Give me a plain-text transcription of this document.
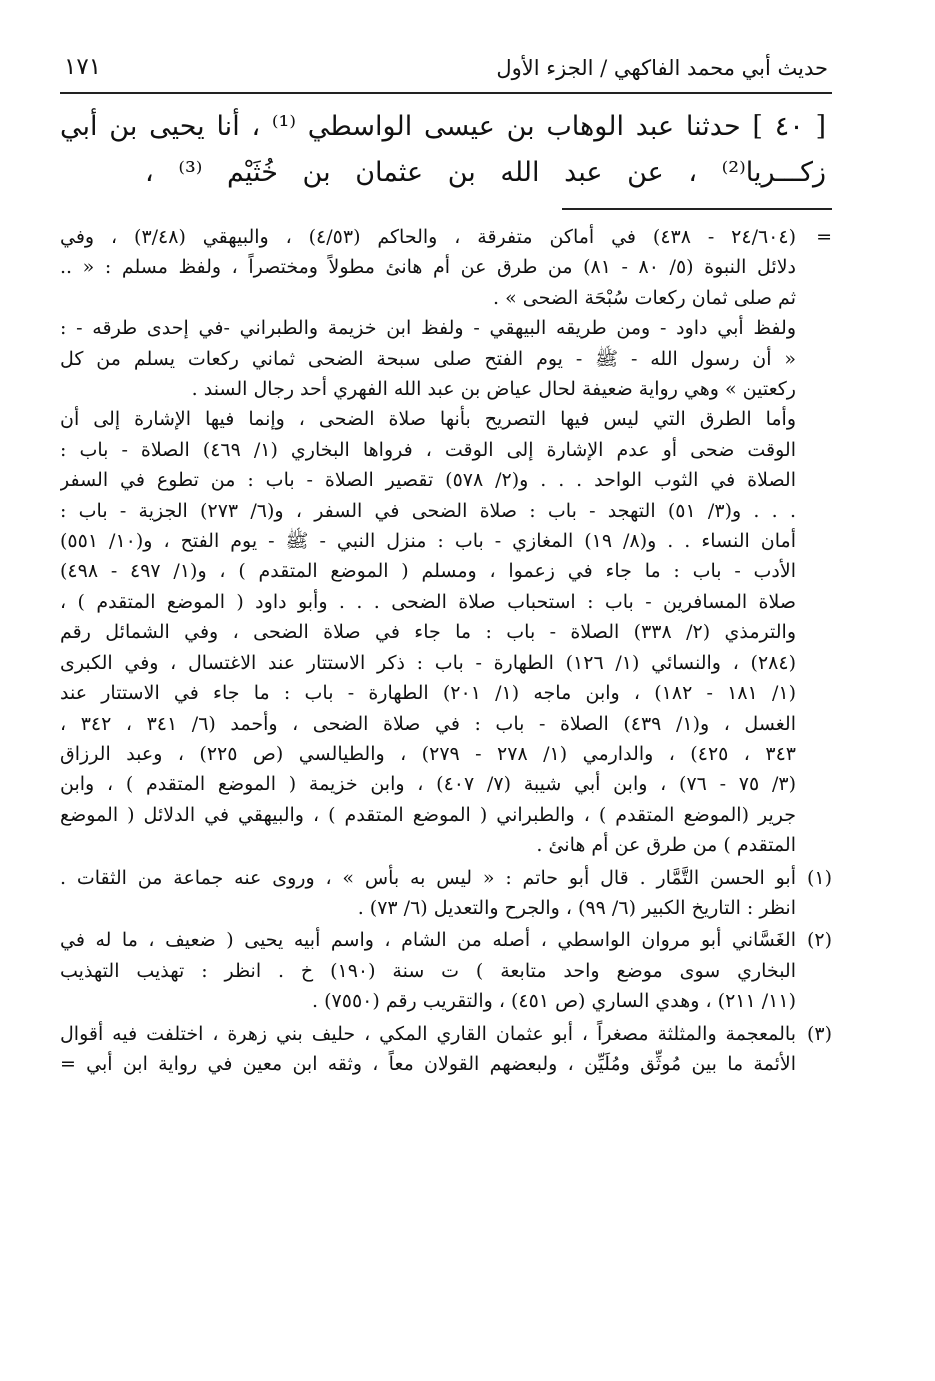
حديث أبي محمد الفاكهي / الجزء الأول
١٧١
[ ٤٠ ] حدثنا عبد الوهاب بن عيسى الواسطي ⁽¹⁾ ، أنا يحيى بن أبي
زكـــريا⁽²⁾ ، عن عبد الله بن عثمان بن خُثَيْم ⁽³⁾ ،
=
(٢٤/٦٠٤ - ٤٣٨) في أماكن متفرقة ، والحاكم (٤/٥٣) ، والبيهقي (٣/٤٨) ، وفي
دلائل النبوة (٥/ ٨٠ - ٨١) من طرق عن أم هانئ مطولاً ومختصراً ، ولفظ مسلم : « ..
ثم صلى ثمان ركعات سُبْحَة الضحى » .
ولفظ أبي داود - ومن طريقه البيهقي - ولفظ ابن خزيمة والطبراني -في إحدى طرقه - :
« أن رسول الله - ﷺ - يوم الفتح صلى سبحة الضحى ثماني ركعات يسلم من كل
ركعتين » وهي رواية ضعيفة لحال عياض بن عبد الله الفهري أحد رجال السند .
وأما الطرق التي ليس فيها التصريح بأنها صلاة الضحى ، وإنما فيها الإشارة إلى أن
الوقت ضحى أو عدم الإشارة إلى الوقت ، فرواها البخاري (١/ ٤٦٩) الصلاة - باب :
الصلاة في الثوب الواحد . . . و(٢/ ٥٧٨) تقصير الصلاة - باب : من تطوع في السفر
. . . و(٣/ ٥١) التهجد - باب : صلاة الضحى في السفر ، و(٦/ ٢٧٣) الجزية - باب :
أمان النساء . . و(٨/ ١٩) المغازي - باب : منزل النبي - ﷺ - يوم الفتح ، و(١٠/ ٥٥١)
الأدب - باب : ما جاء في زعموا ، ومسلم ( الموضع المتقدم ) ، و(١/ ٤٩٧ - ٤٩٨)
صلاة المسافرين - باب : استحباب صلاة الضحى . . . وأبو داود ( الموضع المتقدم ) ،
والترمذي (٢/ ٣٣٨) الصلاة - باب : ما جاء في صلاة الضحى ، وفي الشمائل رقم
(٢٨٤) ، والنسائي (١/ ١٢٦) الطهارة - باب : ذكر الاستتار عند الاغتسال ، وفي الكبرى
(١/ ١٨١ - ١٨٢) ، وابن ماجه (١/ ٢٠١) الطهارة - باب : ما جاء في الاستتار عند
الغسل ، و(١/ ٤٣٩) الصلاة - باب : في صلاة الضحى ، وأحمد (٦/ ٣٤١ ، ٣٤٢ ،
٣٤٣ ، ٤٢٥) ، والدارمي (١/ ٢٧٨ - ٢٧٩) ، والطيالسي (ص ٢٢٥) ، وعبد الرزاق
(٣/ ٧٥ - ٧٦) ، وابن أبي شيبة (٧/ ٤٠٧) ، وابن خزيمة ( الموضع المتقدم ) ، وابن
جرير (الموضع المتقدم ) ، والطبراني ( الموضع المتقدم ) ، والبيهقي في الدلائل ( الموضع
المتقدم ) من طرق عن أم هانئ .
(١)
أبو الحسن التَّمَّار . قال أبو حاتم : « ليس به بأس » ، وروى عنه جماعة من الثقات .
انظر : التاريخ الكبير (٦/ ٩٩) ، والجرح والتعديل (٦/ ٧٣) .
(٢)
الغَسَّاني أبو مروان الواسطي ، أصله من الشام ، واسم أبيه يحيى ( ضعيف ، ما له في
البخاري سوى موضع واحد متابعة ) ت سنة (١٩٠) خ . انظر : تهذيب التهذيب
(١١/ ٢١١) ، وهدي الساري (ص ٤٥١) ، والتقريب رقم (٧٥٥٠) .
(٣)
بالمعجمة والمثلثة مصغراً ، أبو عثمان القاري المكي ، حليف بني زهرة ، اختلفت فيه أقوال
الأئمة ما بين مُوثِّق ومُلَيِّن ، ولبعضهم القولان معاً ، وثقه ابن معين في رواية ابن أبي =
